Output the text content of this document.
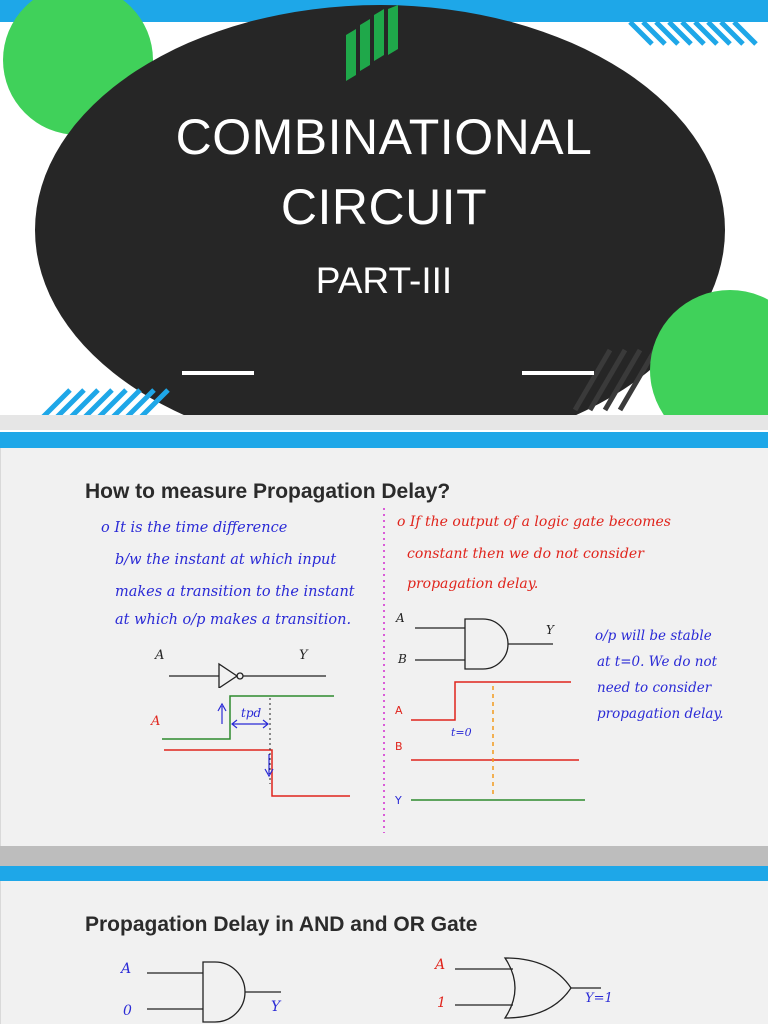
COMBINATIONAL
CIRCUIT
PART-III
How to measure Propagation Delay?
o It is the time difference
b/w the instant at which input
makes a transition to the instant
at which o/p makes a transition.
o If the output of a logic gate becomes
constant then we do not consider
propagation delay.
o/p will be stable
at t=0. We do not
need to consider
propagation delay.
A	Y
A
tpd
A
B
Y
A
B
Y
t=0
Propagation Delay in AND and OR Gate
A
0	Y
A
1	Y=1
